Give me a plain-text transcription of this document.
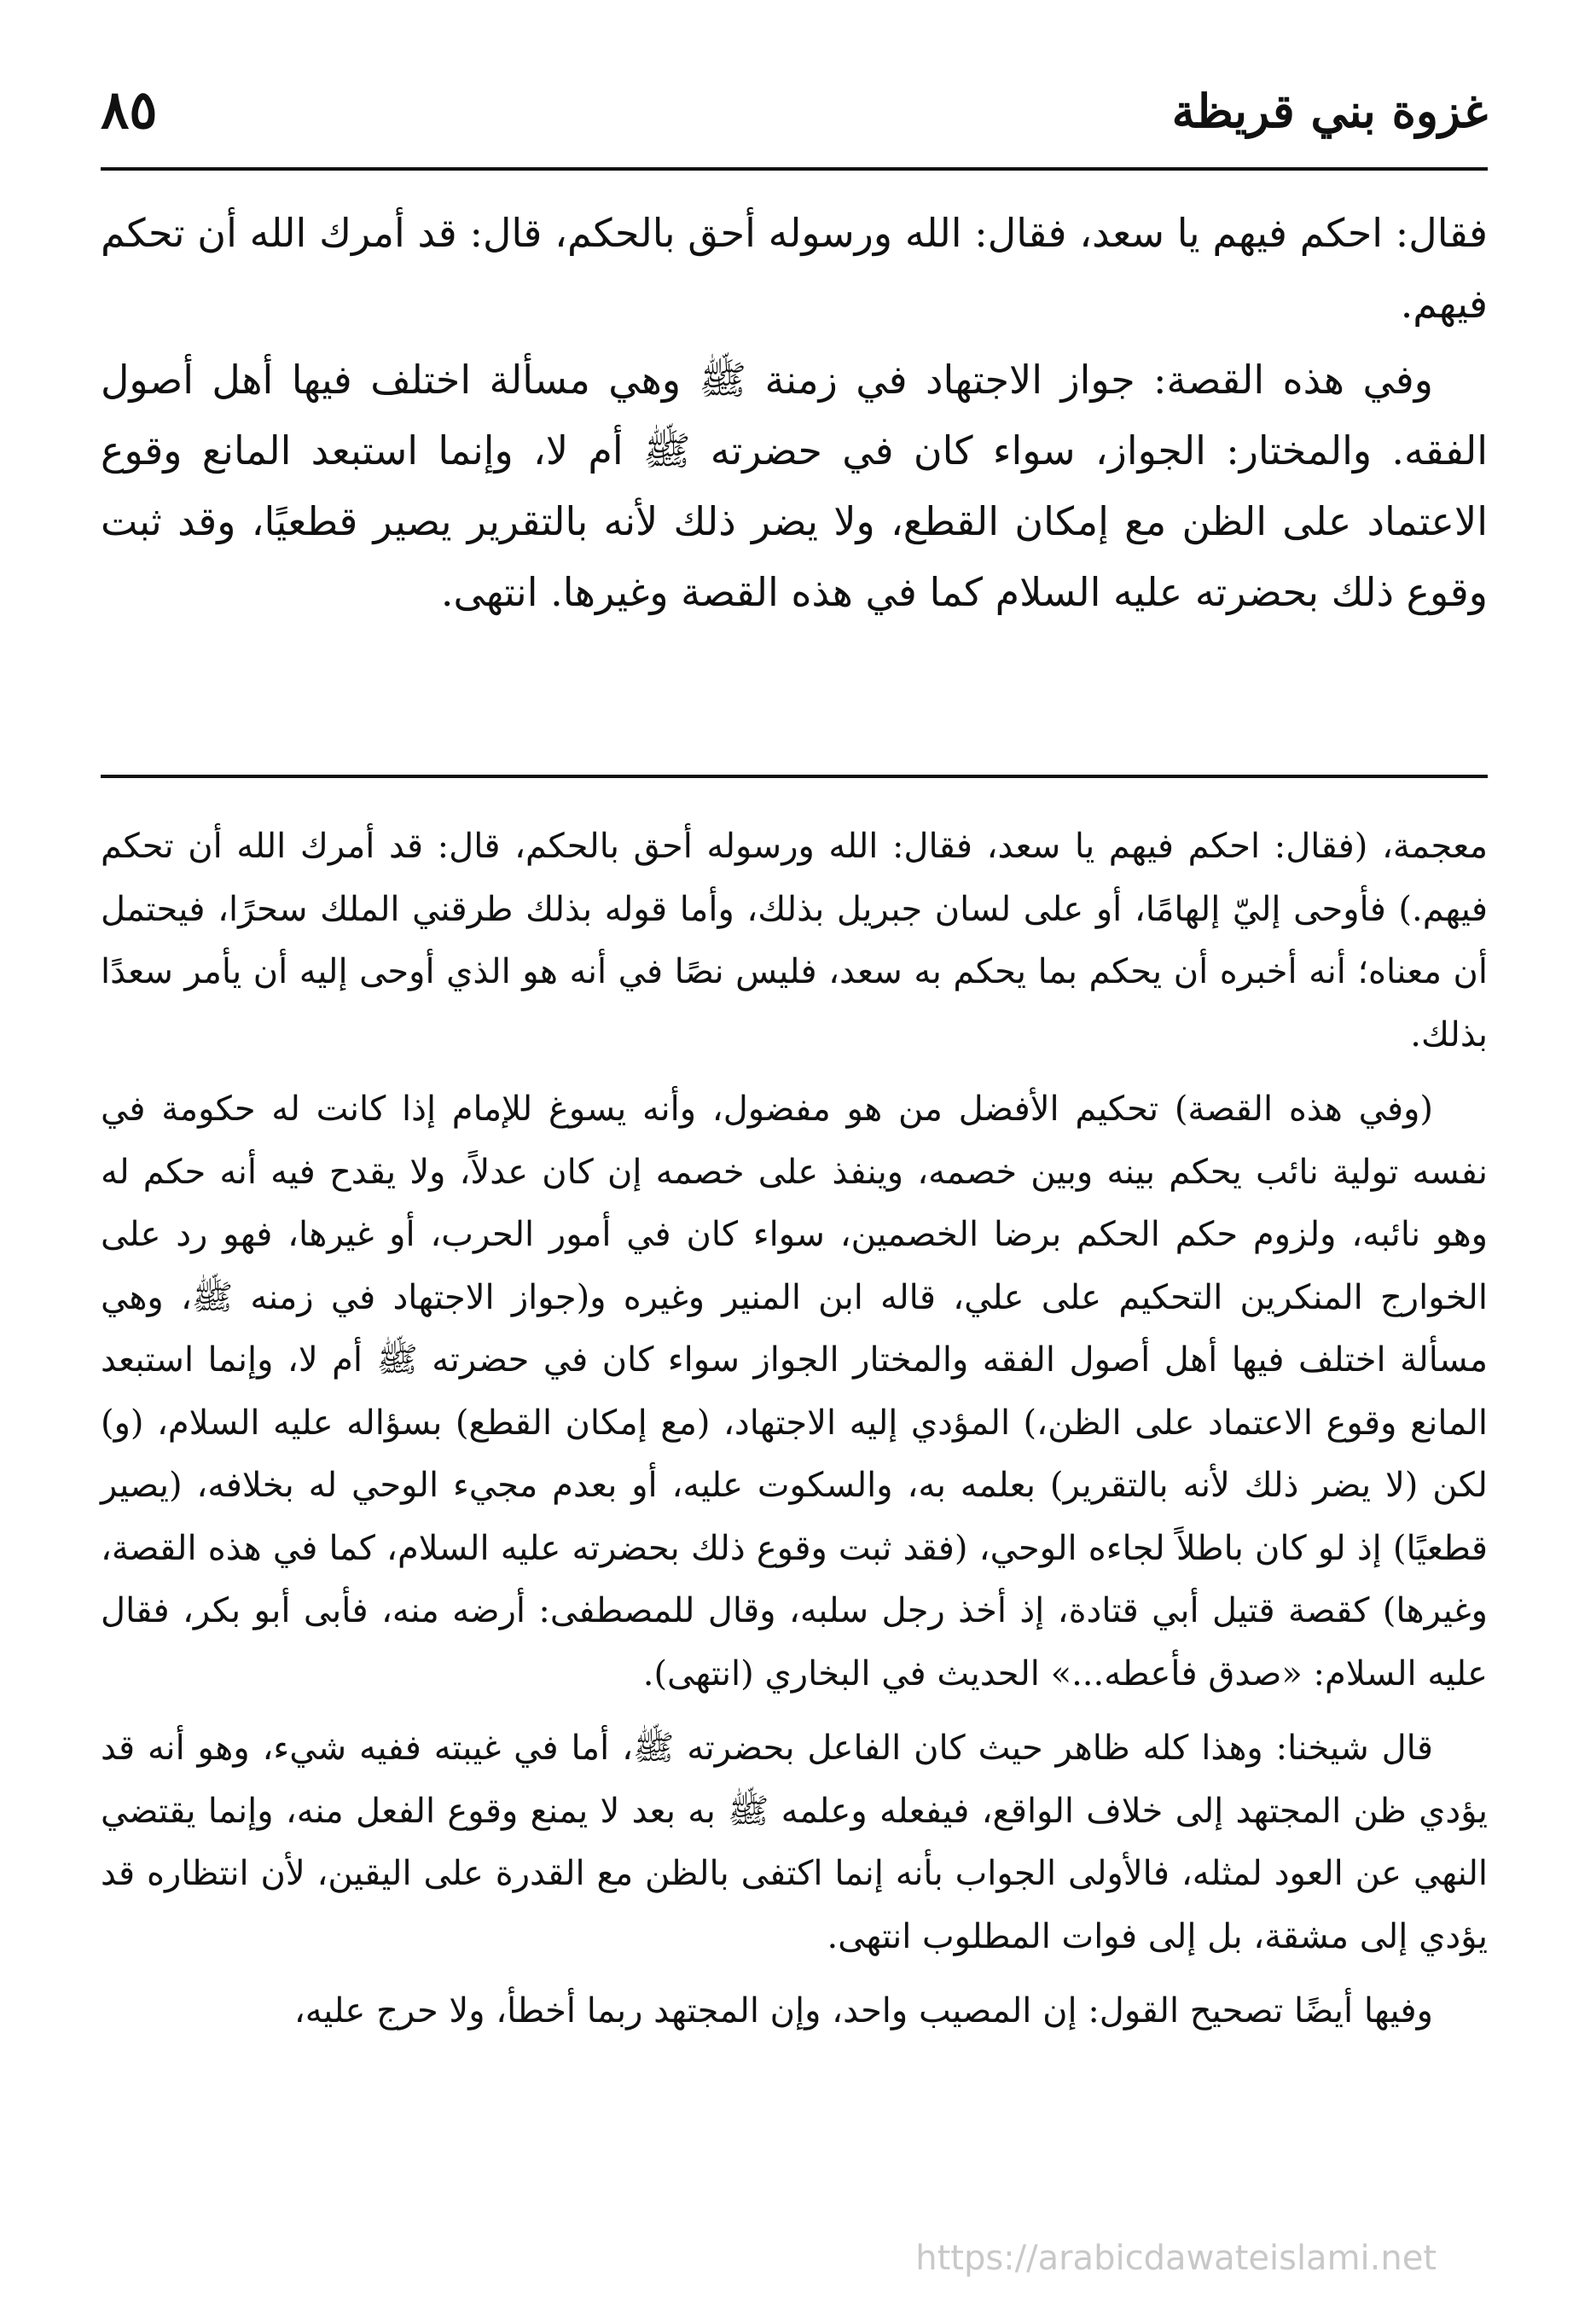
غزوة بني قريظة
٨٥

فقال: احكم فيهم يا سعد، فقال: الله ورسوله أحق بالحكم، قال: قد أمرك الله أن تحكم فيهم.

وفي هذه القصة: جواز الاجتهاد في زمنة ﷺ وهي مسألة اختلف فيها أهل أصول الفقه. والمختار: الجواز، سواء كان في حضرته ﷺ أم لا، وإنما استبعد المانع وقوع الاعتماد على الظن مع إمكان القطع، ولا يضر ذلك لأنه بالتقرير يصير قطعيًا، وقد ثبت وقوع ذلك بحضرته عليه السلام كما في هذه القصة وغيرها. انتهى.

معجمة، (فقال: احكم فيهم يا سعد، فقال: الله ورسوله أحق بالحكم، قال: قد أمرك الله أن تحكم فيهم.) فأوحى إليّ إلهامًا، أو على لسان جبريل بذلك، وأما قوله بذلك طرقني الملك سحرًا، فيحتمل أن معناه؛ أنه أخبره أن يحكم بما يحكم به سعد، فليس نصًا في أنه هو الذي أوحى إليه أن يأمر سعدًا بذلك.

(وفي هذه القصة) تحكيم الأفضل من هو مفضول، وأنه يسوغ للإمام إذا كانت له حكومة في نفسه تولية نائب يحكم بينه وبين خصمه، وينفذ على خصمه إن كان عدلاً، ولا يقدح فيه أنه حكم له وهو نائبه، ولزوم حكم الحكم برضا الخصمين، سواء كان في أمور الحرب، أو غيرها، فهو رد على الخوارج المنكرين التحكيم على علي، قاله ابن المنير وغيره و(جواز الاجتهاد في زمنه ﷺ، وهي مسألة اختلف فيها أهل أصول الفقه والمختار الجواز سواء كان في حضرته ﷺ أم لا، وإنما استبعد المانع وقوع الاعتماد على الظن،) المؤدي إليه الاجتهاد، (مع إمكان القطع) بسؤاله عليه السلام، (و) لكن (لا يضر ذلك لأنه بالتقرير) بعلمه به، والسكوت عليه، أو بعدم مجيء الوحي له بخلافه، (يصير قطعيًا) إذ لو كان باطلاً لجاءه الوحي، (فقد ثبت وقوع ذلك بحضرته عليه السلام، كما في هذه القصة، وغيرها) كقصة قتيل أبي قتادة، إذ أخذ رجل سلبه، وقال للمصطفى: أرضه منه، فأبى أبو بكر، فقال عليه السلام: «صدق فأعطه...» الحديث في البخاري (انتهى).

قال شيخنا: وهذا كله ظاهر حيث كان الفاعل بحضرته ﷺ، أما في غيبته ففيه شيء، وهو أنه قد يؤدي ظن المجتهد إلى خلاف الواقع، فيفعله وعلمه ﷺ به بعد لا يمنع وقوع الفعل منه، وإنما يقتضي النهي عن العود لمثله، فالأولى الجواب بأنه إنما اكتفى بالظن مع القدرة على اليقين، لأن انتظاره قد يؤدي إلى مشقة، بل إلى فوات المطلوب انتهى.

وفيها أيضًا تصحيح القول: إن المصيب واحد، وإن المجتهد ربما أخطأ، ولا حرج عليه،

https://arabicdawateislami.net
